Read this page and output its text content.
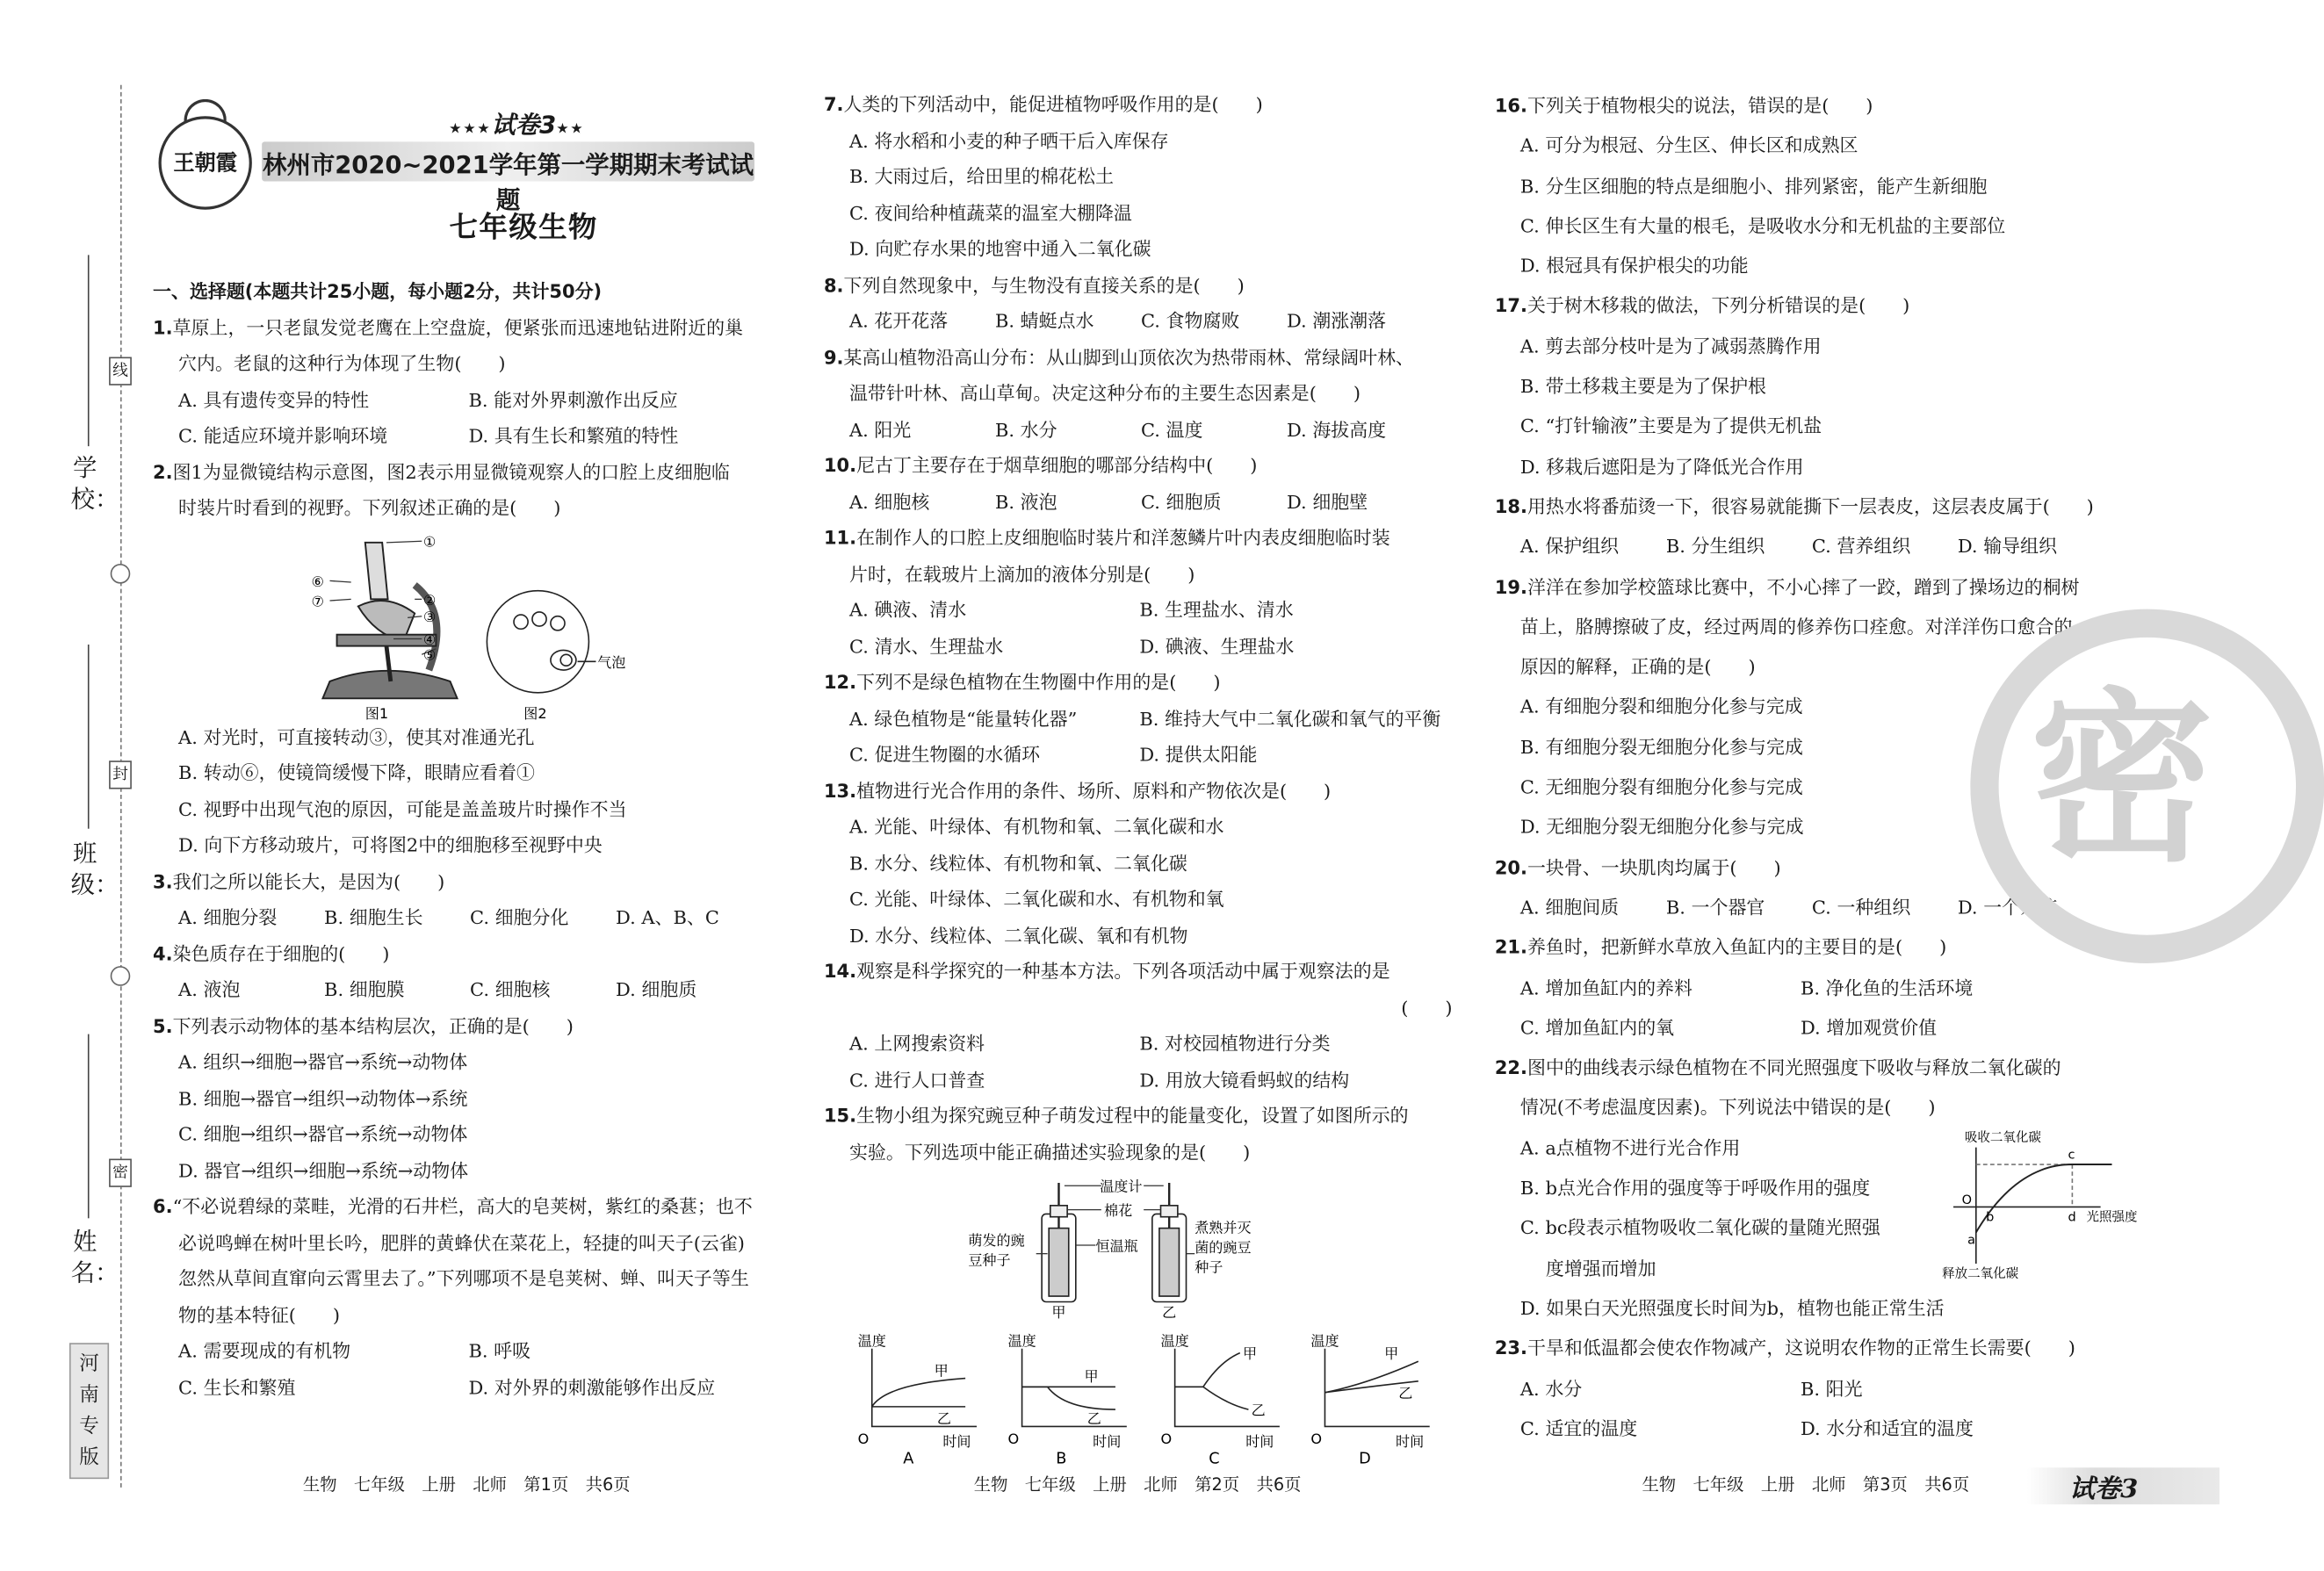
学校：
班级：
姓名：
线
封
密
河
南
专
版
王朝霞
★★★试卷3★★
林州市2020~2021学年第一学期期末考试试题
七年级生物

一、选择题(本题共计25小题，每小题2分，共计50分)

1.草原上，一只老鼠发觉老鹰在上空盘旋，便紧张而迅速地钻进附近的巢

穴内。老鼠的这种行为体现了生物(　　)

A. 具有遗传变异的特性	B. 能对外界刺激作出反应

C. 能适应环境并影响环境	D. 具有生长和繁殖的特性

2.图1为显微镜结构示意图，图2表示用显微镜观察人的口腔上皮细胞临

时装片时看到的视野。下列叙述正确的是(　　)

①
②
③
④
⑤
⑥
⑦
图1
气泡
图2

A. 对光时，可直接转动③，使其对准通光孔

B. 转动⑥，使镜筒缓慢下降，眼睛应看着①

C. 视野中出现气泡的原因，可能是盖盖玻片时操作不当

D. 向下方移动玻片，可将图2中的细胞移至视野中央

3.我们之所以能长大，是因为(　　)

A. 细胞分裂	B. 细胞生长	C. 细胞分化	D. A、B、C

4.染色质存在于细胞的(　　)

A. 液泡	B. 细胞膜	C. 细胞核	D. 细胞质

5.下列表示动物体的基本结构层次，正确的是(　　)

A. 组织→细胞→器官→系统→动物体

B. 细胞→器官→组织→动物体→系统

C. 细胞→组织→器官→系统→动物体

D. 器官→组织→细胞→系统→动物体

6.“不必说碧绿的菜畦，光滑的石井栏，高大的皂荚树，紫红的桑葚；也不

必说鸣蝉在树叶里长吟，肥胖的黄蜂伏在菜花上，轻捷的叫天子(云雀)

忽然从草间直窜向云霄里去了。”下列哪项不是皂荚树、蝉、叫天子等生

物的基本特征(　　)

A. 需要现成的有机物	B. 呼吸

C. 生长和繁殖	D. 对外界的刺激能够作出反应

7.人类的下列活动中，能促进植物呼吸作用的是(　　)

A. 将水稻和小麦的种子晒干后入库保存

B. 大雨过后，给田里的棉花松土

C. 夜间给种植蔬菜的温室大棚降温

D. 向贮存水果的地窖中通入二氧化碳

8.下列自然现象中，与生物没有直接关系的是(　　)

A. 花开花落	B. 蜻蜓点水	C. 食物腐败	D. 潮涨潮落

9.某高山植物沿高山分布：从山脚到山顶依次为热带雨林、常绿阔叶林、

温带针叶林、高山草甸。决定这种分布的主要生态因素是(　　)

A. 阳光	B. 水分	C. 温度	D. 海拔高度

10.尼古丁主要存在于烟草细胞的哪部分结构中(　　)

A. 细胞核	B. 液泡	C. 细胞质	D. 细胞壁

11.在制作人的口腔上皮细胞临时装片和洋葱鳞片叶内表皮细胞临时装

片时，在载玻片上滴加的液体分别是(　　)

A. 碘液、清水	B. 生理盐水、清水

C. 清水、生理盐水	D. 碘液、生理盐水

12.下列不是绿色植物在生物圈中作用的是(　　)

A. 绿色植物是“能量转化器”	B. 维持大气中二氧化碳和氧气的平衡

C. 促进生物圈的水循环	D. 提供太阳能

13.植物进行光合作用的条件、场所、原料和产物依次是(　　)

A. 光能、叶绿体、有机物和氧、二氧化碳和水

B. 水分、线粒体、有机物和氧、二氧化碳

C. 光能、叶绿体、二氧化碳和水、有机物和氧

D. 水分、线粒体、二氧化碳、氧和有机物

14.观察是科学探究的一种基本方法。下列各项活动中属于观察法的是

(　　)

A. 上网搜索资料	B. 对校园植物进行分类

C. 进行人口普查	D. 用放大镜看蚂蚁的结构

15.生物小组为探究豌豆种子萌发过程中的能量变化，设置了如图所示的

实验。下列选项中能正确描述实验现象的是(　　)

温度计
棉花
恒温瓶
萌发的豌
豆种子
煮熟并灭
菌的豌豆
种子
甲	乙
温度
时间
O
甲
乙
A
温度
时间
O
甲
乙
B
温度
时间
O
甲
乙
C
温度
时间
O
甲
乙
D

16.下列关于植物根尖的说法，错误的是(　　)

A. 可分为根冠、分生区、伸长区和成熟区

B. 分生区细胞的特点是细胞小、排列紧密，能产生新细胞

C. 伸长区生有大量的根毛，是吸收水分和无机盐的主要部位

D. 根冠具有保护根尖的功能

17.关于树木移栽的做法，下列分析错误的是(　　)

A. 剪去部分枝叶是为了减弱蒸腾作用

B. 带土移栽主要是为了保护根

C. “打针输液”主要是为了提供无机盐

D. 移栽后遮阳是为了降低光合作用

18.用热水将番茄烫一下，很容易就能撕下一层表皮，这层表皮属于(　　)

A. 保护组织	B. 分生组织	C. 营养组织	D. 输导组织

19.洋洋在参加学校篮球比赛中，不小心摔了一跤，蹭到了操场边的桐树

苗上，胳膊擦破了皮，经过两周的修养伤口痊愈。对洋洋伤口愈合的

原因的解释，正确的是(　　)

A. 有细胞分裂和细胞分化参与完成

B. 有细胞分裂无细胞分化参与完成

C. 无细胞分裂有细胞分化参与完成

D. 无细胞分裂无细胞分化参与完成

20.一块骨、一块肌肉均属于(　　)

A. 细胞间质	B. 一个器官	C. 一种组织	D. 一个系统

21.养鱼时，把新鲜水草放入鱼缸内的主要目的是(　　)

A. 增加鱼缸内的养料	B. 净化鱼的生活环境

C. 增加鱼缸内的氧	D. 增加观赏价值

22.图中的曲线表示绿色植物在不同光照强度下吸收与释放二氧化碳的

情况(不考虑温度因素)。下列说法中错误的是(　　)

A. a点植物不进行光合作用

B. b点光合作用的强度等于呼吸作用的强度

C. bc段表示植物吸收二氧化碳的量随光照强

度增强而增加

吸收二氧化碳
O
a
b
c
d 光照强度
释放二氧化碳

D. 如果白天光照强度长时间为b，植物也能正常生活

23.干旱和低温都会使农作物减产，这说明农作物的正常生长需要(　　)

A. 水分	B. 阳光

C. 适宜的温度	D. 水分和适宜的温度

密
生物　七年级　上册　北师　第1页　共6页	生物　七年级　上册　北师　第2页　共6页	生物　七年级　上册　北师　第3页　共6页	试卷3
